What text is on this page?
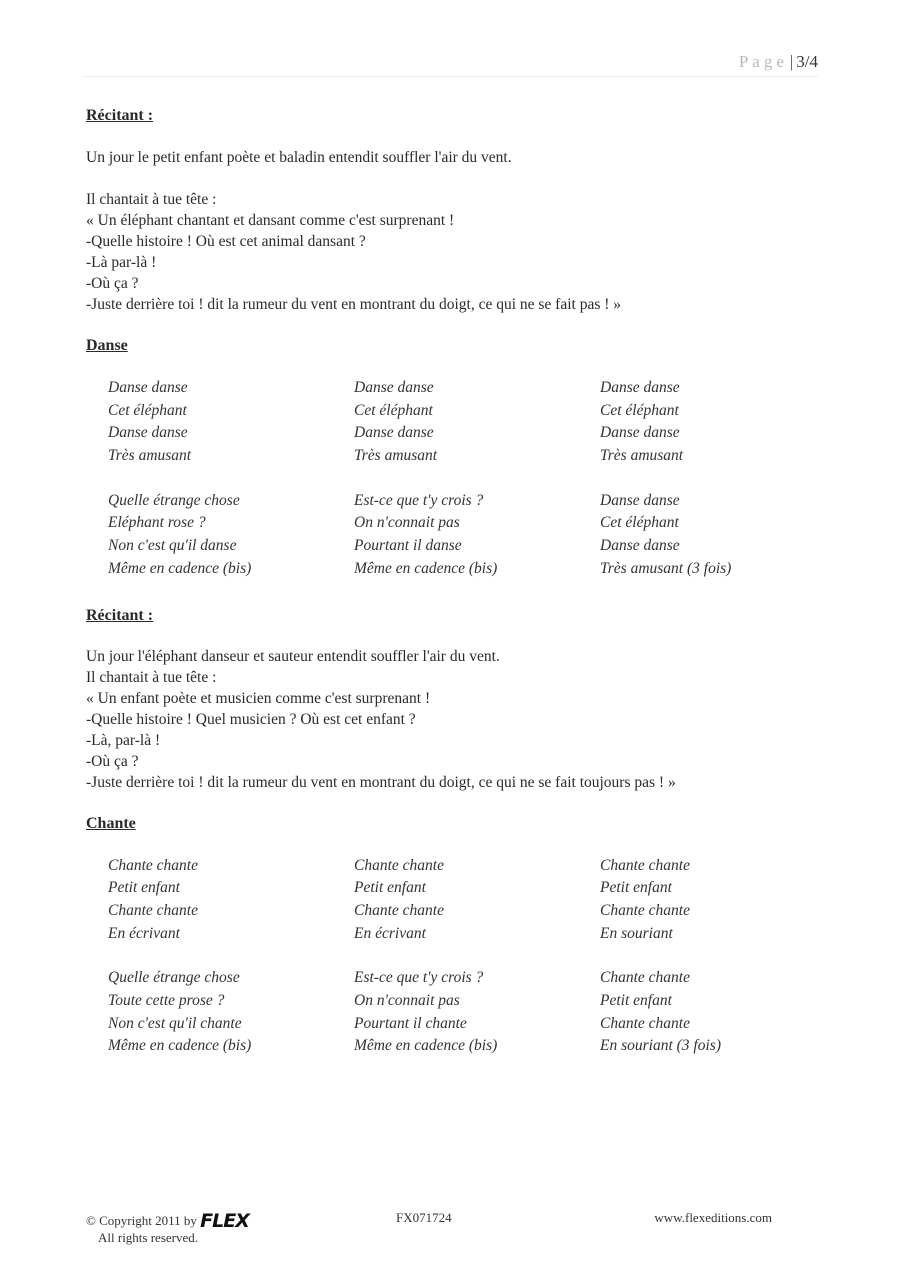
Page | 3/4

Récitant :

Un jour le petit enfant poète et baladin entendit souffler l'air du vent.

Il chantait à tue tête :
« Un éléphant chantant et dansant comme c'est surprenant !
-Quelle histoire ! Où est cet animal dansant ?
-Là par-là !
-Où ça ?
-Juste derrière toi ! dit la rumeur du vent en montrant du doigt, ce qui ne se fait pas ! »

Danse

Danse danse
Cet éléphant
Danse danse
Très amusant
Danse danse
Cet éléphant
Danse danse
Très amusant
Danse danse
Cet éléphant
Danse danse
Très amusant
Quelle étrange chose
Eléphant rose ?
Non c'est qu'il danse
Même en cadence (bis)
Est-ce que t'y crois ?
On n'connait pas
Pourtant il danse
Même en cadence (bis)
Danse danse
Cet éléphant
Danse danse
Très amusant (3 fois)

Récitant :

Un jour l'éléphant danseur et sauteur entendit souffler l'air du vent.
Il chantait à tue tête :
« Un enfant poète et musicien comme c'est surprenant !
-Quelle histoire ! Quel musicien ? Où est cet enfant ?
-Là, par-là !
-Où ça ?
-Juste derrière toi ! dit la rumeur du vent en montrant du doigt, ce qui ne se fait toujours pas ! »

Chante

Chante chante
Petit enfant
Chante chante
En écrivant
Chante chante
Petit enfant
Chante chante
En écrivant
Chante chante
Petit enfant
Chante chante
En souriant
Quelle étrange chose
Toute cette prose ?
Non c'est qu'il chante
Même en cadence (bis)
Est-ce que t'y crois ?
On n'connait pas
Pourtant il chante
Même en cadence (bis)
Chante chante
Petit enfant
Chante chante
En souriant (3 fois)
© Copyright 2011 by FLEX
All rights reserved.
FX071724	www.flexeditions.com
